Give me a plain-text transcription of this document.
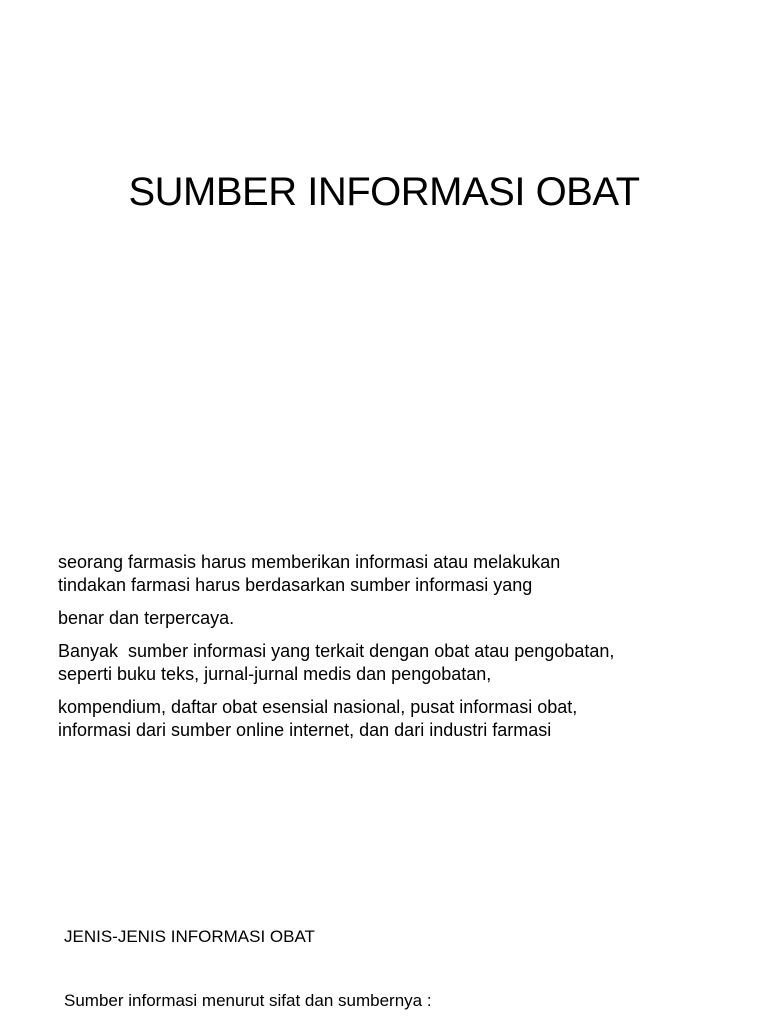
SUMBER INFORMASI OBAT

seorang farmasis harus memberikan informasi atau melakukan
tindakan farmasi harus berdasarkan sumber informasi yang

benar dan terpercaya.

Banyak  sumber informasi yang terkait dengan obat atau pengobatan,
seperti buku teks, jurnal-jurnal medis dan pengobatan,

kompendium, daftar obat esensial nasional, pusat informasi obat,
informasi dari sumber online internet, dan dari industri farmasi

JENIS-JENIS INFORMASI OBAT
Sumber informasi menurut sifat dan sumbernya :
